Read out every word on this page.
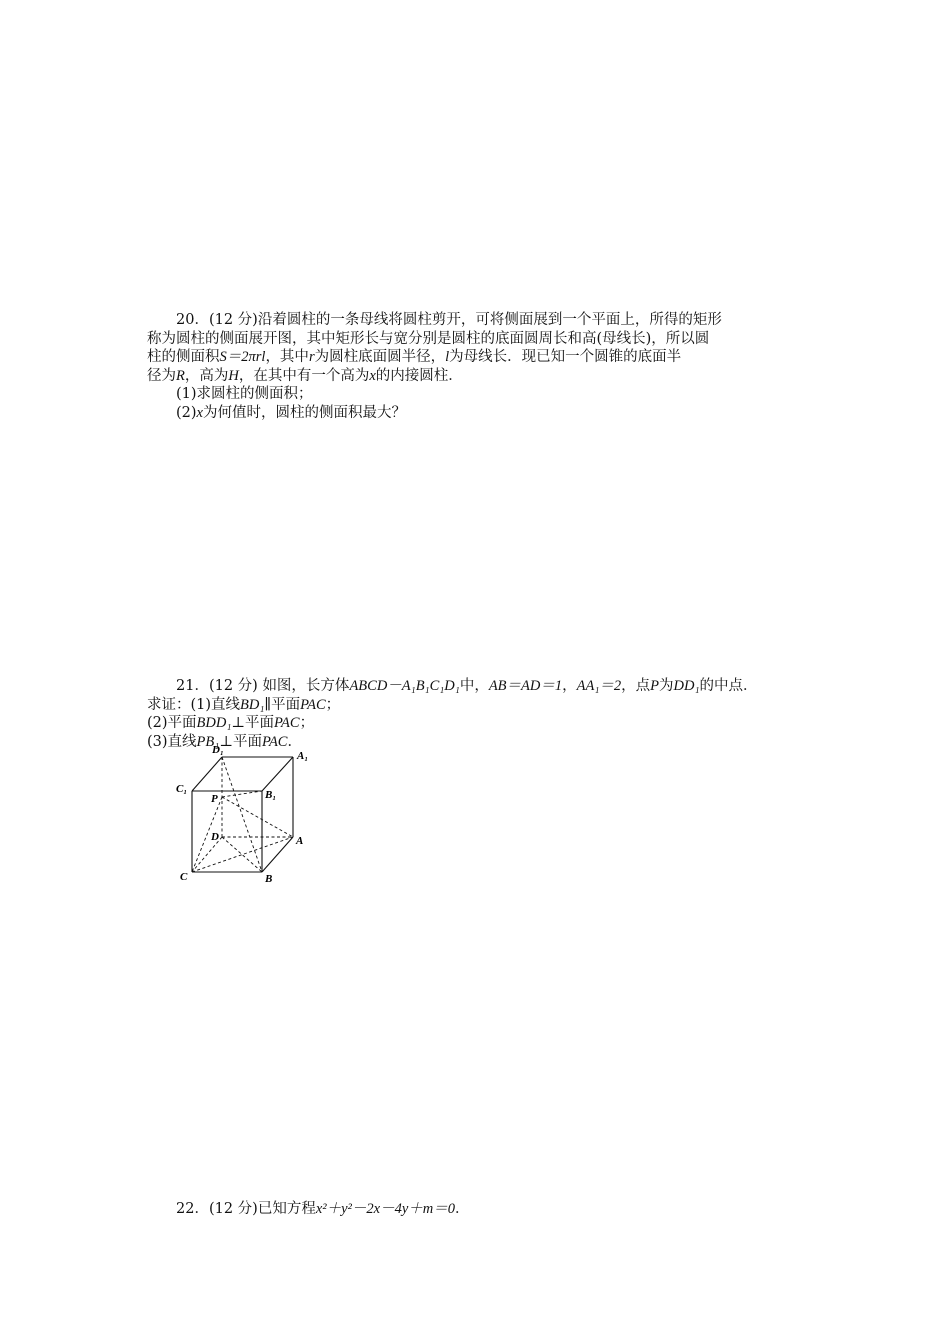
20．(12 分)沿着圆柱的一条母线将圆柱剪开，可将侧面展到一个平面上，所得的矩形
称为圆柱的侧面展开图，其中矩形长与宽分别是圆柱的底面圆周长和高(母线长)，所以圆
柱的侧面积S＝2πrl，其中r为圆柱底面圆半径，l为母线长．现已知一个圆锥的底面半
径为R，高为H，在其中有一个高为x的内接圆柱．
(1)求圆柱的侧面积；
(2)x为何值时，圆柱的侧面积最大？
21．(12 分) 如图，长方体ABCD－A₁B₁C₁D₁中，AB＝AD＝1，AA₁＝2，点P为DD₁的中点．
求证：(1)直线BD₁∥平面PAC；
(2)平面BDD₁⊥平面PAC；
(3)直线PB₁⊥平面PAC．
D₁	A₁
C₁	B₁
P
D	A
C	B
22．(12 分)已知方程x²＋y²－2x－4y＋m＝0．
